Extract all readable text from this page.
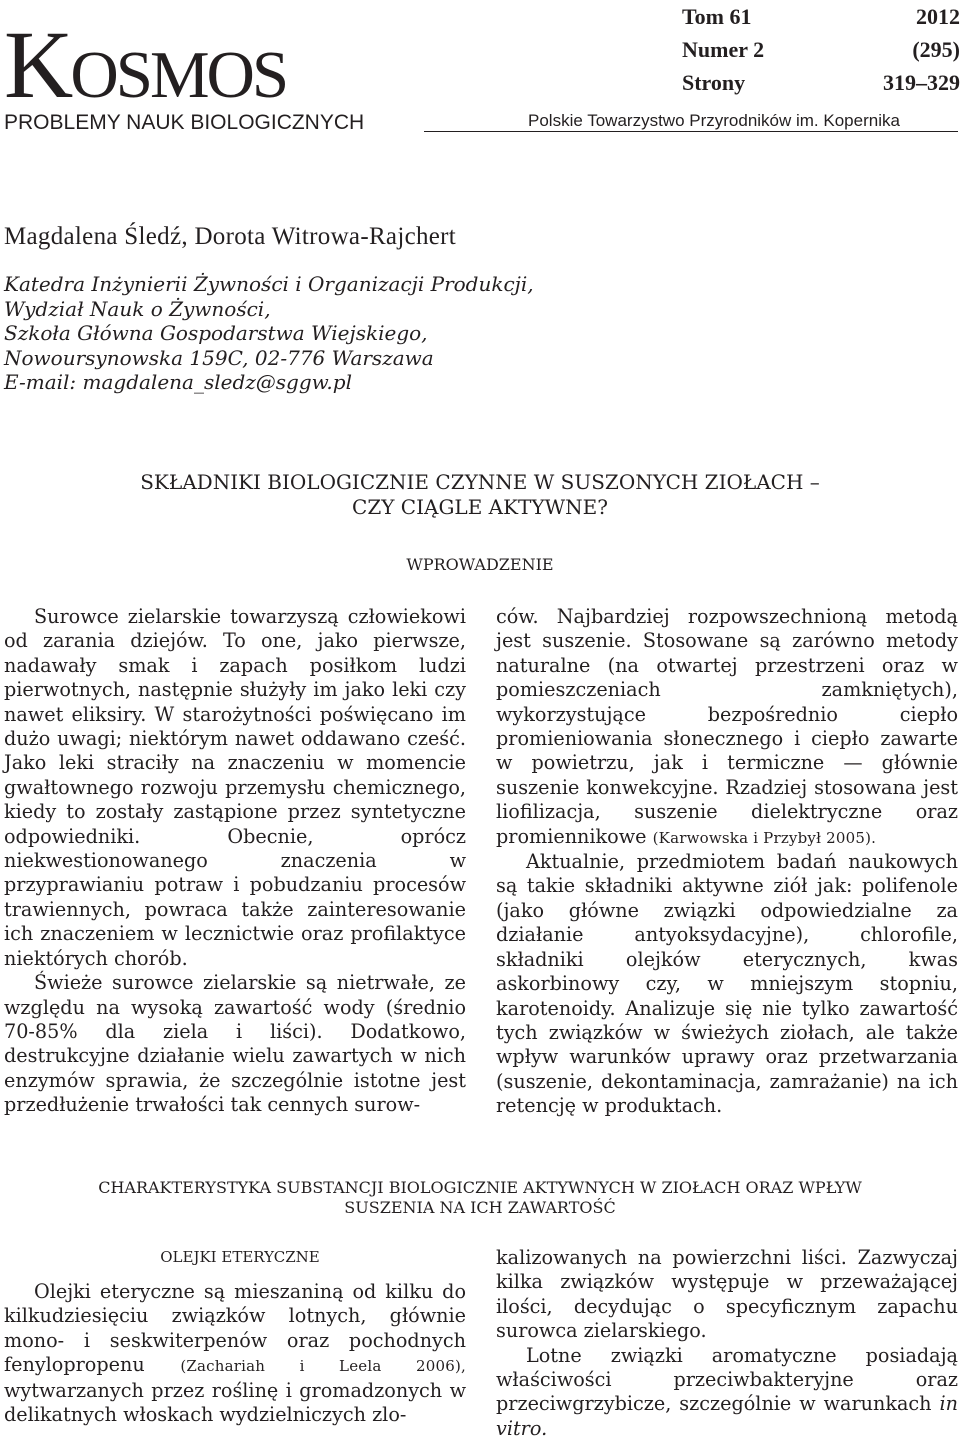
Kosmos
PROBLEMY NAUK BIOLOGICZNYCH
Tom 61	2012
Numer 2	(295)
Strony	319–329
Polskie Towarzystwo Przyrodników im. Kopernika
Magdalena Śledź, Dorota Witrowa-Rajchert
Katedra Inżynierii Żywności i Organizacji Produkcji,
Wydział Nauk o Żywności,
Szkoła Główna Gospodarstwa Wiejskiego,
Nowoursynowska 159C, 02-776 Warszawa
E-mail: magdalena_sledz@sggw.pl
SKŁADNIKI BIOLOGICZNIE CZYNNE W SUSZONYCH ZIOŁACH –
CZY CIĄGLE AKTYWNE?
WPROWADZENIE

Surowce zielarskie towarzyszą człowiekowi od zarania dziejów. To one, jako pierwsze, nadawały smak i zapach posiłkom ludzi pierwotnych, następnie służyły im jako leki czy nawet eliksiry. W starożytności poświęcano im dużo uwagi; niektórym nawet oddawano cześć. Jako leki straciły na znaczeniu w momencie gwałtownego rozwoju przemysłu chemicznego, kiedy to zostały zastąpione przez syntetyczne odpowiedniki. Obecnie, oprócz niekwestionowanego znaczenia w przyprawianiu potraw i pobudzaniu procesów trawiennych, powraca także zainteresowanie ich znaczeniem w lecznictwie oraz profilaktyce niektórych chorób.

Świeże surowce zielarskie są nietrwałe, ze względu na wysoką zawartość wody (średnio 70-85% dla ziela i liści). Dodatkowo, destrukcyjne działanie wielu zawartych w nich enzymów sprawia, że szczególnie istotne jest przedłużenie trwałości tak cennych surow-

ców. Najbardziej rozpowszechnioną metodą jest suszenie. Stosowane są zarówno metody naturalne (na otwartej przestrzeni oraz w pomieszczeniach zamkniętych), wykorzystujące bezpośrednio ciepło promieniowania słonecznego i ciepło zawarte w powietrzu, jak i termiczne — głównie suszenie konwekcyjne. Rzadziej stosowana jest liofilizacja, suszenie dielektryczne oraz promiennikowe (Karwowska i Przybył 2005).

Aktualnie, przedmiotem badań naukowych są takie składniki aktywne ziół jak: polifenole (jako główne związki odpowiedzialne za działanie antyoksydacyjne), chlorofile, składniki olejków eterycznych, kwas askorbinowy czy, w mniejszym stopniu, karotenoidy. Analizuje się nie tylko zawartość tych związków w świeżych ziołach, ale także wpływ warunków uprawy oraz przetwarzania (suszenie, dekontaminacja, zamrażanie) na ich retencję w produktach.

CHARAKTERYSTYKA SUBSTANCJI BIOLOGICZNIE AKTYWNYCH W ZIOŁACH ORAZ WPŁYW
SUSZENIA NA ICH ZAWARTOŚĆ
OLEJKI ETERYCZNE

Olejki eteryczne są mieszaniną od kilku do kilkudziesięciu związków lotnych, głównie mono- i seskwiterpenów oraz pochodnych fenylopropenu (Zachariah i Leela 2006), wytwarzanych przez roślinę i gromadzonych w delikatnych włoskach wydzielniczych zlo-

kalizowanych na powierzchni liści. Zazwyczaj kilka związków występuje w przeważającej ilości, decydując o specyficznym zapachu surowca zielarskiego.

Lotne związki aromatyczne posiadają właściwości przeciwbakteryjne oraz przeciwgrzybicze, szczególnie w warunkach in vitro.
